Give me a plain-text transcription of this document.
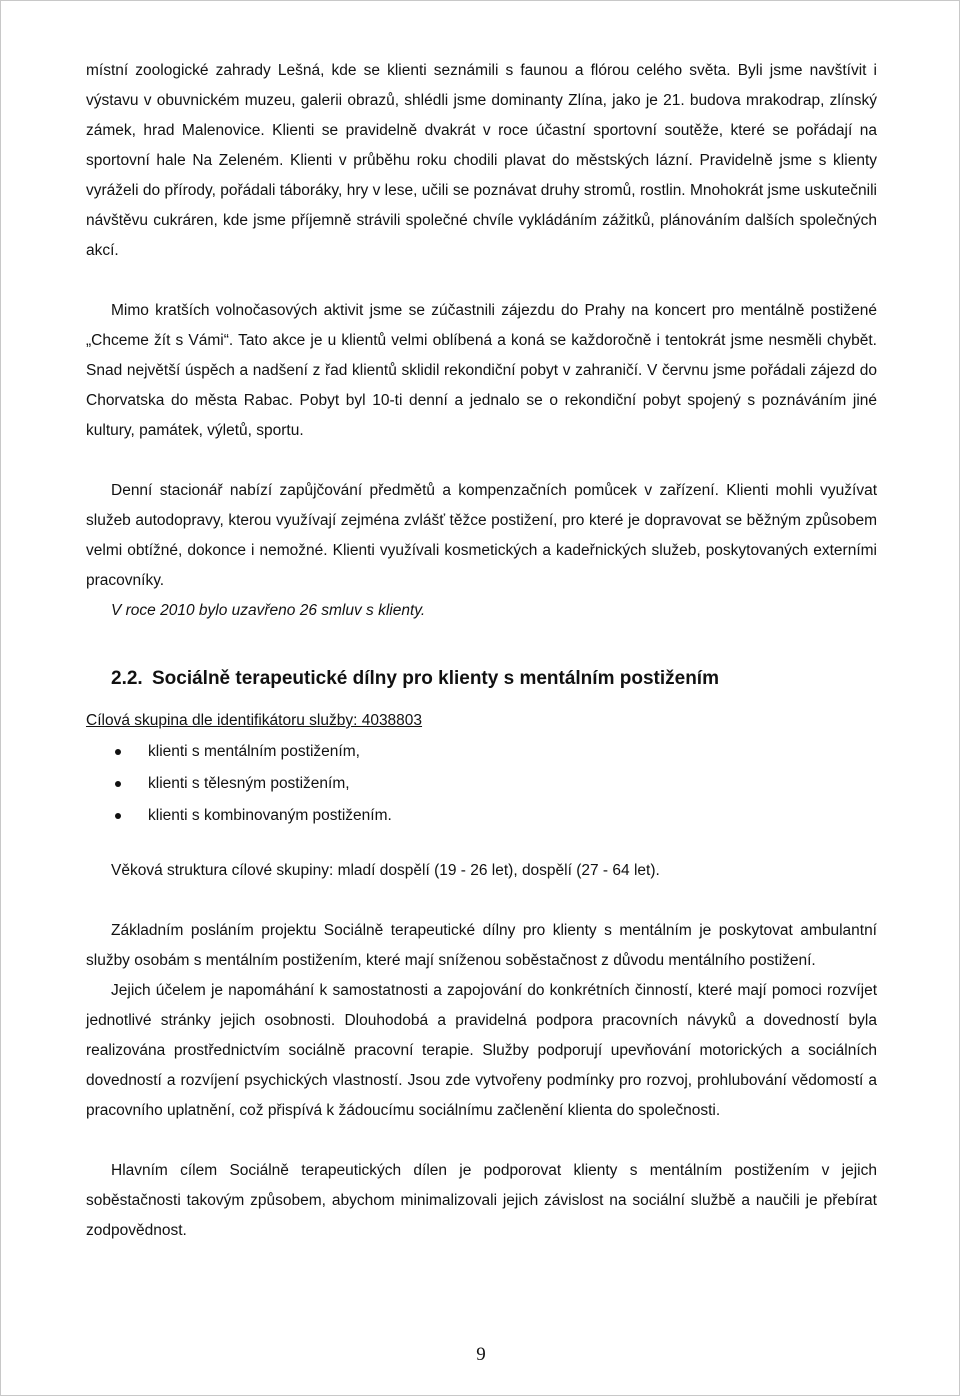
místní zoologické zahrady Lešná, kde se klienti seznámili s faunou a flórou celého světa. Byli jsme navštívit i výstavu v obuvnickém muzeu, galerii obrazů, shlédli jsme dominanty Zlína, jako je 21. budova mrakodrap, zlínský zámek, hrad Malenovice. Klienti se pravidelně dvakrát v roce účastní sportovní soutěže, které se pořádají na sportovní hale Na Zeleném. Klienti v průběhu roku chodili plavat do městských lázní. Pravidelně jsme s klienty vyráželi do přírody, pořádali táboráky, hry v lese, učili se poznávat druhy stromů, rostlin. Mnohokrát jsme uskutečnili návštěvu cukráren, kde jsme příjemně strávili společné chvíle vykládáním zážitků, plánováním dalších společných akcí.

Mimo kratších volnočasových aktivit jsme se zúčastnili zájezdu do Prahy na koncert pro mentálně postižené „Chceme žít s Vámi“. Tato akce je u klientů velmi oblíbená a koná se každoročně i tentokrát jsme nesměli chybět. Snad největší úspěch a nadšení z řad klientů sklidil rekondiční pobyt v zahraničí. V červnu jsme pořádali zájezd do Chorvatska do města Rabac. Pobyt byl 10-ti denní a jednalo se o rekondiční pobyt spojený s poznáváním jiné kultury, památek, výletů, sportu.

Denní stacionář nabízí zapůjčování předmětů a kompenzačních pomůcek v zařízení. Klienti mohli využívat služeb autodopravy, kterou využívají zejména zvlášť těžce postižení, pro které je dopravovat se běžným způsobem velmi obtížné, dokonce i nemožné. Klienti využívali kosmetických a kadeřnických služeb, poskytovaných externími pracovníky.

V roce 2010 bylo uzavřeno 26 smluv s klienty.

2.2. Sociálně terapeutické dílny pro klienty s mentálním postižením

Cílová skupina dle identifikátoru služby: 4038803

klienti s mentálním postižením,
klienti s tělesným postižením,
klienti s kombinovaným postižením.

Věková struktura cílové skupiny: mladí dospělí (19 - 26 let), dospělí (27 - 64 let).

Základním posláním projektu Sociálně terapeutické dílny pro klienty s mentálním je poskytovat ambulantní služby osobám s mentálním postižením, které mají sníženou soběstačnost z důvodu mentálního postižení.

Jejich účelem je napomáhání k samostatnosti a zapojování do konkrétních činností, které mají pomoci rozvíjet jednotlivé stránky jejich osobnosti. Dlouhodobá a pravidelná podpora pracovních návyků a dovedností byla realizována prostřednictvím sociálně pracovní terapie. Služby podporují upevňování motorických a sociálních dovedností a rozvíjení psychických vlastností. Jsou zde vytvořeny podmínky pro rozvoj, prohlubování vědomostí a pracovního uplatnění, což přispívá k žádoucímu sociálnímu začlenění klienta do společnosti.

Hlavním cílem Sociálně terapeutických dílen je podporovat klienty s mentálním postižením v jejich soběstačnosti takovým způsobem, abychom minimalizovali jejich závislost na sociální službě a naučili je přebírat zodpovědnost.

9
